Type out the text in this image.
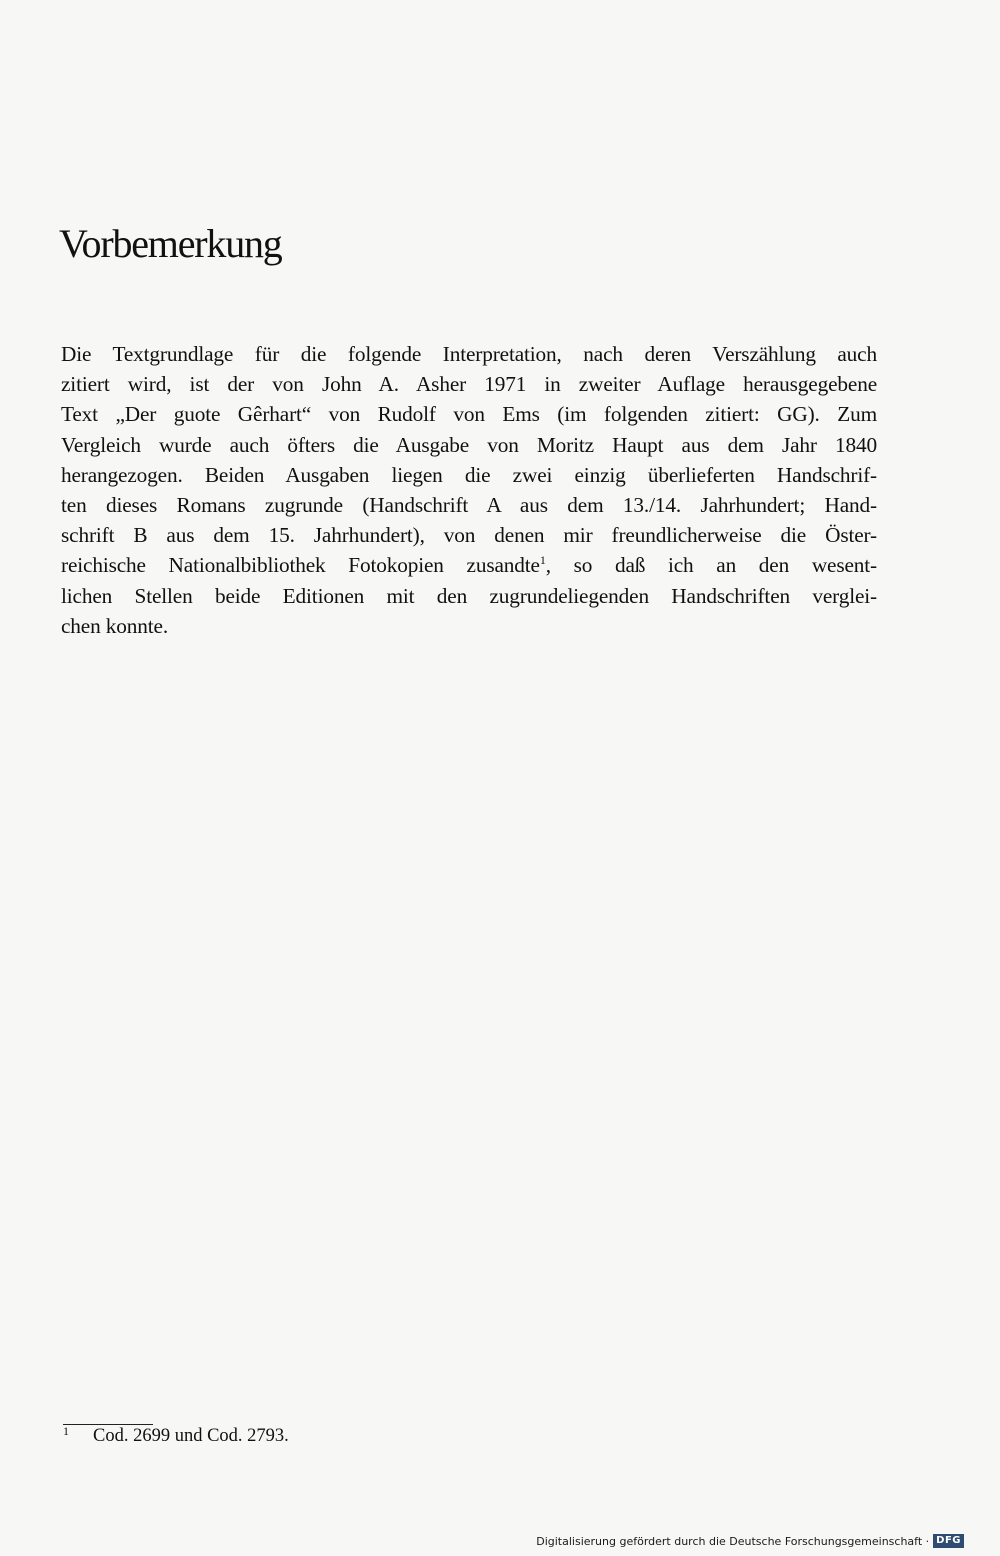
Vorbemerkung
Die Textgrundlage für die folgende Interpretation, nach deren Verszählung auch
zitiert wird, ist der von John A. Asher 1971 in zweiter Auflage herausgegebene
Text „Der guote Gêrhart“ von Rudolf von Ems (im folgenden zitiert: GG). Zum
Vergleich wurde auch öfters die Ausgabe von Moritz Haupt aus dem Jahr 1840
herangezogen. Beiden Ausgaben liegen die zwei einzig überlieferten Handschrif-
ten dieses Romans zugrunde (Handschrift A aus dem 13./14. Jahrhundert; Hand-
schrift B aus dem 15. Jahrhundert), von denen mir freundlicherweise die Öster-
reichische Nationalbibliothek Fotokopien zusandte$^1$, so daß ich an den wesent-
lichen Stellen beide Editionen mit den zugrundeliegenden Handschriften verglei-
chen konnte.
1 Cod. 2699 und Cod. 2793.
Digitalisierung gefördert durch die Deutsche Forschungsgemeinschaft · DFG
